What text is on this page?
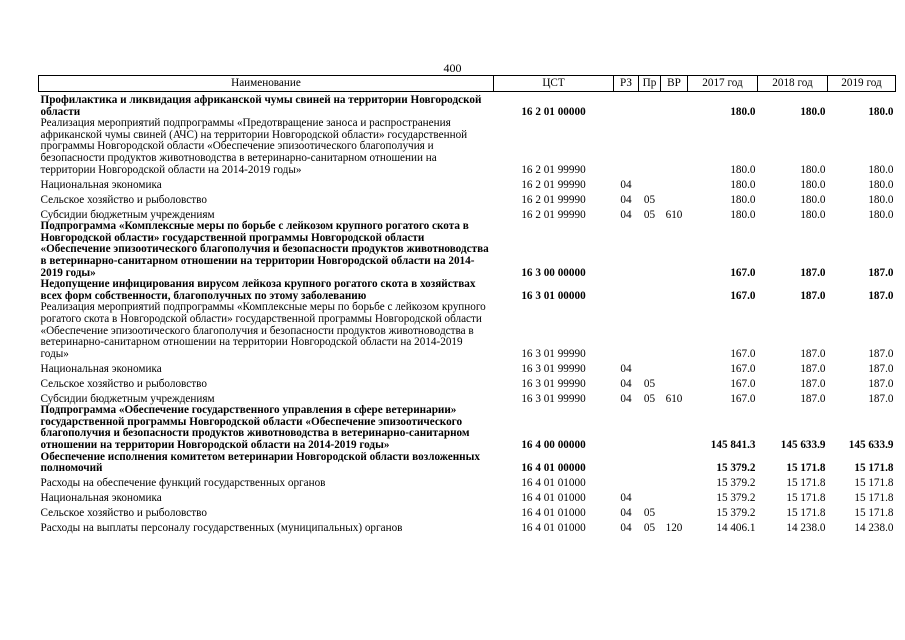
400
Наименование	ЦСТ	РЗ	Пр	ВР	2017 год	2018 год	2019 год
Профилактика и ликвидация африканской чумы свиней на территории Новгородской области	16 2 01 00000				180.0	180.0	180.0
Реализация мероприятий подпрограммы «Предотвращение заноса и распространения африканской чумы свиней (АЧС) на территории Новгородской области» государственной программы Новгородской области «Обеспечение эпизоотического благополучия и безопасности продуктов животноводства в ветеринарно-санитарном отношении на территории Новгородской области на 2014-2019 годы»	16 2 01 99990				180.0	180.0	180.0
Национальная экономика	16 2 01 99990	04			180.0	180.0	180.0
Сельское хозяйство и рыболовство	16 2 01 99990	04	05		180.0	180.0	180.0
Субсидии бюджетным учреждениям	16 2 01 99990	04	05	610	180.0	180.0	180.0
Подпрограмма «Комплексные меры по борьбе с лейкозом крупного рогатого скота в Новгородской области» государственной программы Новгородской области «Обеспечение эпизоотического благополучия и безопасности продуктов животноводства в ветеринарно-санитарном отношении на территории Новгородской области на 2014-2019 годы»	16 3 00 00000				167.0	187.0	187.0
Недопущение инфицирования вирусом лейкоза крупного рогатого скота в хозяйствах всех форм собственности, благополучных по этому заболеванию	16 3 01 00000				167.0	187.0	187.0
Реализация мероприятий подпрограммы «Комплексные меры по борьбе с лейкозом крупного рогатого скота в Новгородской области» государственной программы Новгородской области «Обеспечение эпизоотического благополучия и безопасности продуктов животноводства в ветеринарно-санитарном отношении на территории Новгородской области на 2014-2019 годы»	16 3 01 99990				167.0	187.0	187.0
Национальная экономика	16 3 01 99990	04			167.0	187.0	187.0
Сельское хозяйство и рыболовство	16 3 01 99990	04	05		167.0	187.0	187.0
Субсидии бюджетным учреждениям	16 3 01 99990	04	05	610	167.0	187.0	187.0
Подпрограмма «Обеспечение государственного управления в сфере ветеринарии» государственной программы Новгородской области «Обеспечение эпизоотического благополучия и безопасности продуктов животноводства в ветеринарно-санитарном отношении на территории Новгородской области на 2014-2019 годы»	16 4 00 00000				145 841.3	145 633.9	145 633.9
Обеспечение исполнения комитетом ветеринарии Новгородской области возложенных полномочий	16 4 01 00000				15 379.2	15 171.8	15 171.8
Расходы на обеспечение функций государственных органов	16 4 01 01000				15 379.2	15 171.8	15 171.8
Национальная экономика	16 4 01 01000	04			15 379.2	15 171.8	15 171.8
Сельское хозяйство и рыболовство	16 4 01 01000	04	05		15 379.2	15 171.8	15 171.8
Расходы на выплаты персоналу государственных (муниципальных) органов	16 4 01 01000	04	05	120	14 406.1	14 238.0	14 238.0
